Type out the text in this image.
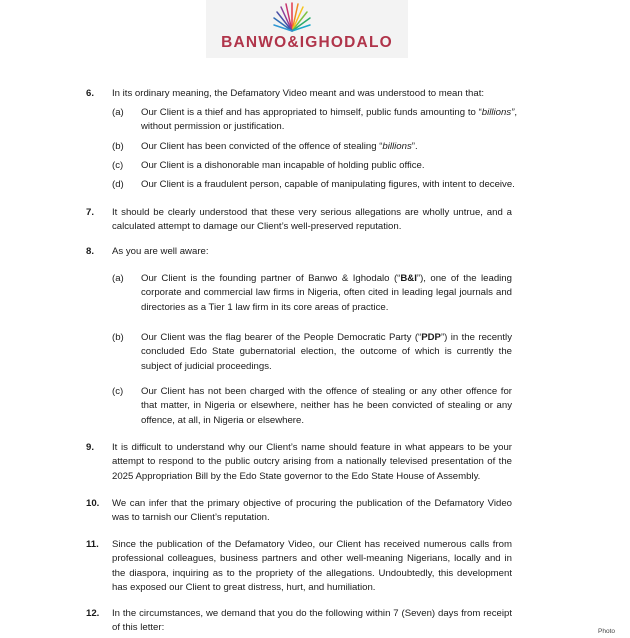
BANWO&IGHODALO
6. In its ordinary meaning, the Defamatory Video meant and was understood to mean that:
(a) Our Client is a thief and has appropriated to himself, public funds amounting to “billions”, without permission or justification.
(b) Our Client has been convicted of the offence of stealing “billions”.
(c) Our Client is a dishonorable man incapable of holding public office.
(d) Our Client is a fraudulent person, capable of manipulating figures, with intent to deceive.
7. It should be clearly understood that these very serious allegations are wholly untrue, and a calculated attempt to damage our Client’s well-preserved reputation.
8. As you are well aware:
(a) Our Client is the founding partner of Banwo & Ighodalo (“B&I”), one of the leading corporate and commercial law firms in Nigeria, often cited in leading legal journals and directories as a Tier 1 law firm in its core areas of practice.
(b) Our Client was the flag bearer of the People Democratic Party (“PDP”) in the recently concluded Edo State gubernatorial election, the outcome of which is currently the subject of judicial proceedings.
(c) Our Client has not been charged with the offence of stealing or any other offence for that matter, in Nigeria or elsewhere, neither has he been convicted of stealing or any offence, at all, in Nigeria or elsewhere.
9. It is difficult to understand why our Client’s name should feature in what appears to be your attempt to respond to the public outcry arising from a nationally televised presentation of the 2025 Appropriation Bill by the Edo State governor to the Edo State House of Assembly.
10. We can infer that the primary objective of procuring the publication of the Defamatory Video was to tarnish our Client’s reputation.
11. Since the publication of the Defamatory Video, our Client has received numerous calls from professional colleagues, business partners and other well-meaning Nigerians, locally and in the diaspora, inquiring as to the propriety of the allegations. Undoubtedly, this development has exposed our Client to great distress, hurt, and humiliation.
12. In the circumstances, we demand that you do the following within 7 (Seven) days from receipt of this letter:	Photo
